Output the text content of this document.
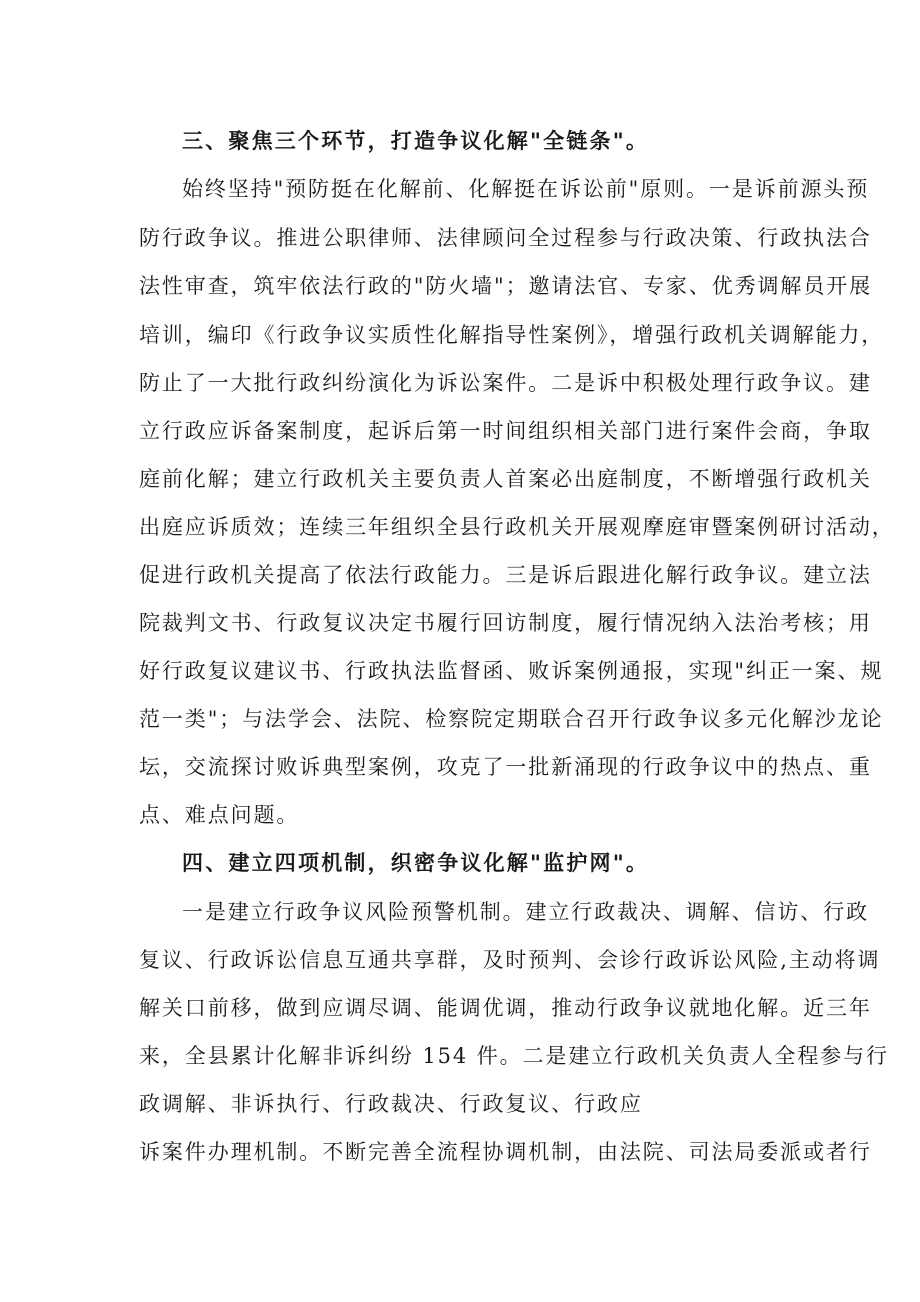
三、聚焦三个环节，打造争议化解"全链条"。
始终坚持"预防挺在化解前、化解挺在诉讼前"原则。一是诉前源头预
防行政争议。推进公职律师、法律顾问全过程参与行政决策、行政执法合
法性审查，筑牢依法行政的"防火墙"；邀请法官、专家、优秀调解员开展
培训，编印《行政争议实质性化解指导性案例》，增强行政机关调解能力，
防止了一大批行政纠纷演化为诉讼案件。二是诉中积极处理行政争议。建
立行政应诉备案制度，起诉后第一时间组织相关部门进行案件会商，争取
庭前化解；建立行政机关主要负责人首案必出庭制度，不断增强行政机关
出庭应诉质效；连续三年组织全县行政机关开展观摩庭审暨案例研讨活动，
促进行政机关提高了依法行政能力。三是诉后跟进化解行政争议。建立法
院裁判文书、行政复议决定书履行回访制度，履行情况纳入法治考核；用
好行政复议建议书、行政执法监督函、败诉案例通报，实现"纠正一案、规
范一类"；与法学会、法院、检察院定期联合召开行政争议多元化解沙龙论
坛，交流探讨败诉典型案例，攻克了一批新涌现的行政争议中的热点、重
点、难点问题。
四、建立四项机制，织密争议化解"监护网"。
一是建立行政争议风险预警机制。建立行政裁决、调解、信访、行政
复议、行政诉讼信息互通共享群，及时预判、会诊行政诉讼风险,主动将调
解关口前移，做到应调尽调、能调优调，推动行政争议就地化解。近三年
来，全县累计化解非诉纠纷 154 件。二是建立行政机关负责人全程参与行
政调解、非诉执行、行政裁决、行政复议、行政应
诉案件办理机制。不断完善全流程协调机制，由法院、司法局委派或者行
